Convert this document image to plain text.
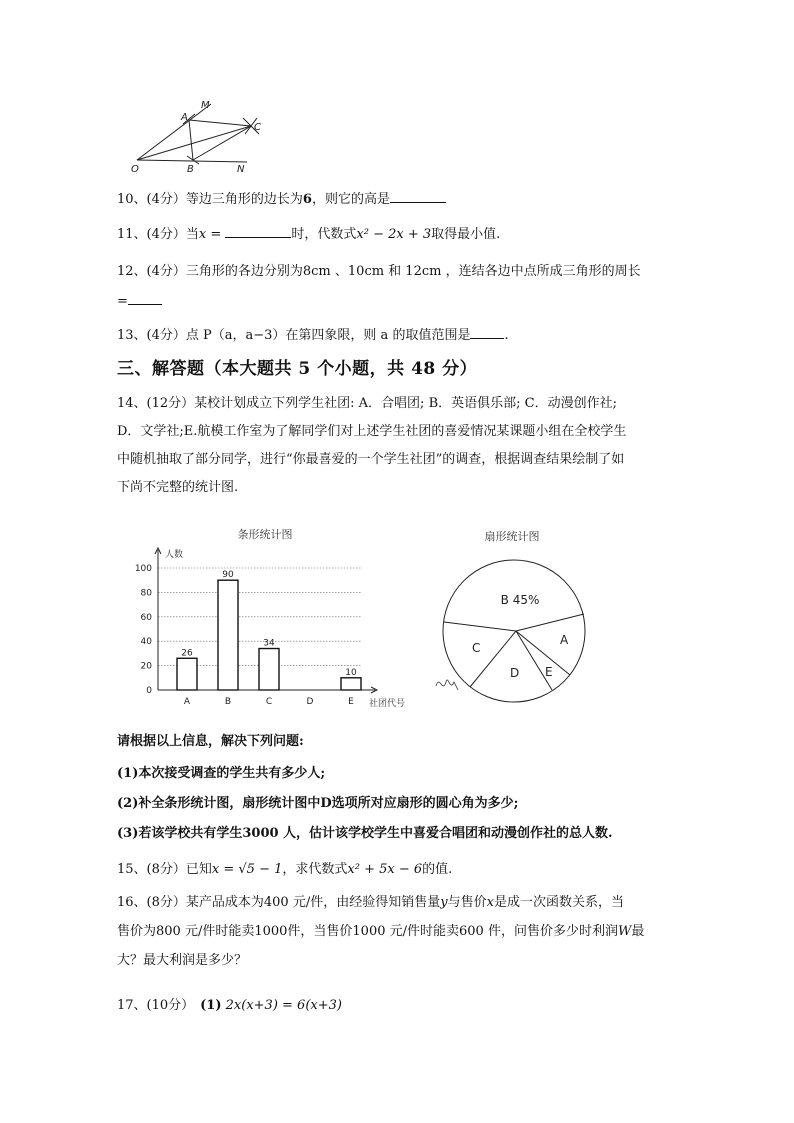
M
A
C
O	B	N
10、(4分）等边三角形的边长为6，则它的高是
11、(4分）当x =	时，代数式x² − 2x + 3取得最小值.
12、(4分）三角形的各边分别为8cm 、10cm 和 12cm ，连结各边中点所成三角形的周长
=
13、(4分）点 P（a，a−3）在第四象限，则 a 的取值范围是	.
三、解答题（本大题共 5 个小题，共 48 分）
14、(12分）某校计划成立下列学生社团: A．合唱团; B．英语俱乐部; C．动漫创作社;
D．文学社;E.航模工作室为了解同学们对上述学生社团的喜爱情况某课题小组在全校学生
中随机抽取了部分同学，进行“你最喜爱的一个学生社团”的调查，根据调查结果绘制了如
下尚不完整的统计图.
条形统计图
人数
社团代号
0
20
40
60
80
100
26
90
34
10
A	B	C	D	E
扇形统计图
B 45%
A
E
D
C
请根据以上信息，解决下列问题:
(1)本次接受调查的学生共有多少人;
(2)补全条形统计图，扇形统计图中D选项所对应扇形的圆心角为多少;
(3)若该学校共有学生3000 人，估计该学校学生中喜爱合唱团和动漫创作社的总人数.
15、(8分）已知x = √5 − 1，求代数式x² + 5x − 6的值.
16、(8分）某产品成本为400 元/件，由经验得知销售量y与售价x是成一次函数关系，当
售价为800 元/件时能卖1000件，当售价1000 元/件时能卖600 件，问售价多少时利润W最
大？最大利润是多少？
17、(10分） (1) 2x(x+3) = 6(x+3)
